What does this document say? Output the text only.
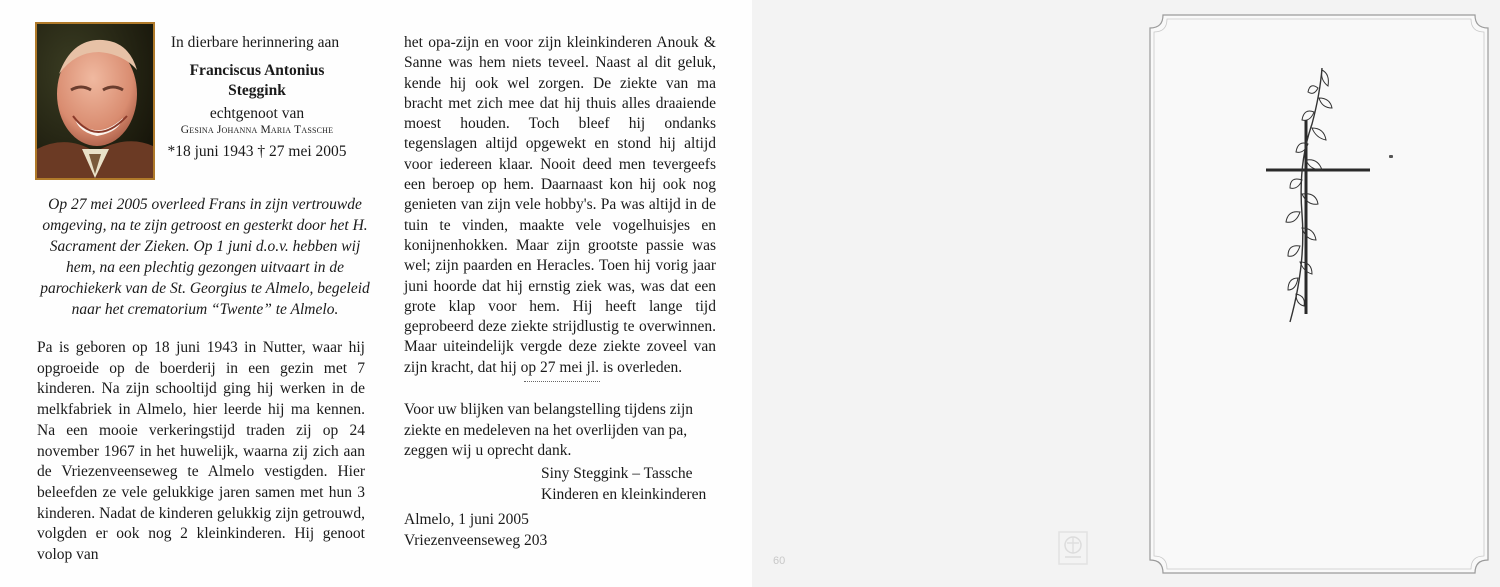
In dierbare herinnering aan
Franciscus Antonius
Steggink
echtgenoot van
Gesina Johanna Maria Tassche
*18 juni 1943 † 27 mei 2005

Op 27 mei 2005 overleed Frans in zijn vertrouwde omgeving, na te zijn getroost en gesterkt door het H. Sacrament der Zieken. Op 1 juni d.o.v. hebben wij hem, na een plechtig gezongen uitvaart in de parochiekerk van de St. Georgius te Almelo, begeleid naar het crematorium “Twente” te Almelo.

Pa is geboren op 18 juni 1943 in Nutter, waar hij opgroeide op de boerderij in een gezin met 7 kinderen. Na zijn schooltijd ging hij werken in de melkfabriek in Almelo, hier leerde hij ma kennen. Na een mooie verkeringstijd traden zij op 24 november 1967 in het huwelijk, waarna zij zich aan de Vriezenveenseweg te Almelo vestigden. Hier beleefden ze vele gelukkige jaren samen met hun 3 kinderen. Nadat de kinderen gelukkig zijn getrouwd, volgden er ook nog 2 kleinkinderen. Hij genoot volop van

het opa-zijn en voor zijn kleinkinderen Anouk & Sanne was hem niets teveel. Naast al dit geluk, kende hij ook wel zorgen. De ziekte van ma bracht met zich mee dat hij thuis alles draaiende moest houden. Toch bleef hij ondanks tegenslagen altijd opgewekt en stond hij altijd voor iedereen klaar. Nooit deed men tevergeefs een beroep op hem. Daarnaast kon hij ook nog genieten van zijn vele hobby's. Pa was altijd in de tuin te vinden, maakte vele vogelhuisjes en konijnenhokken. Maar zijn grootste passie was wel; zijn paarden en Heracles. Toen hij vorig jaar juni hoorde dat hij ernstig ziek was, was dat een grote klap voor hem. Hij heeft lange tijd geprobeerd deze ziekte strijdlustig te overwinnen. Maar uiteindelijk vergde deze ziekte zoveel van zijn kracht, dat hij op 27 mei jl. is overleden.

Voor uw blijken van belangstelling tijdens zijn ziekte en medeleven na het overlijden van pa, zeggen wij u oprecht dank.

Siny Steggink – Tassche
Kinderen en kleinkinderen
Almelo, 1 juni 2005
Vriezenveenseweg 203
60
